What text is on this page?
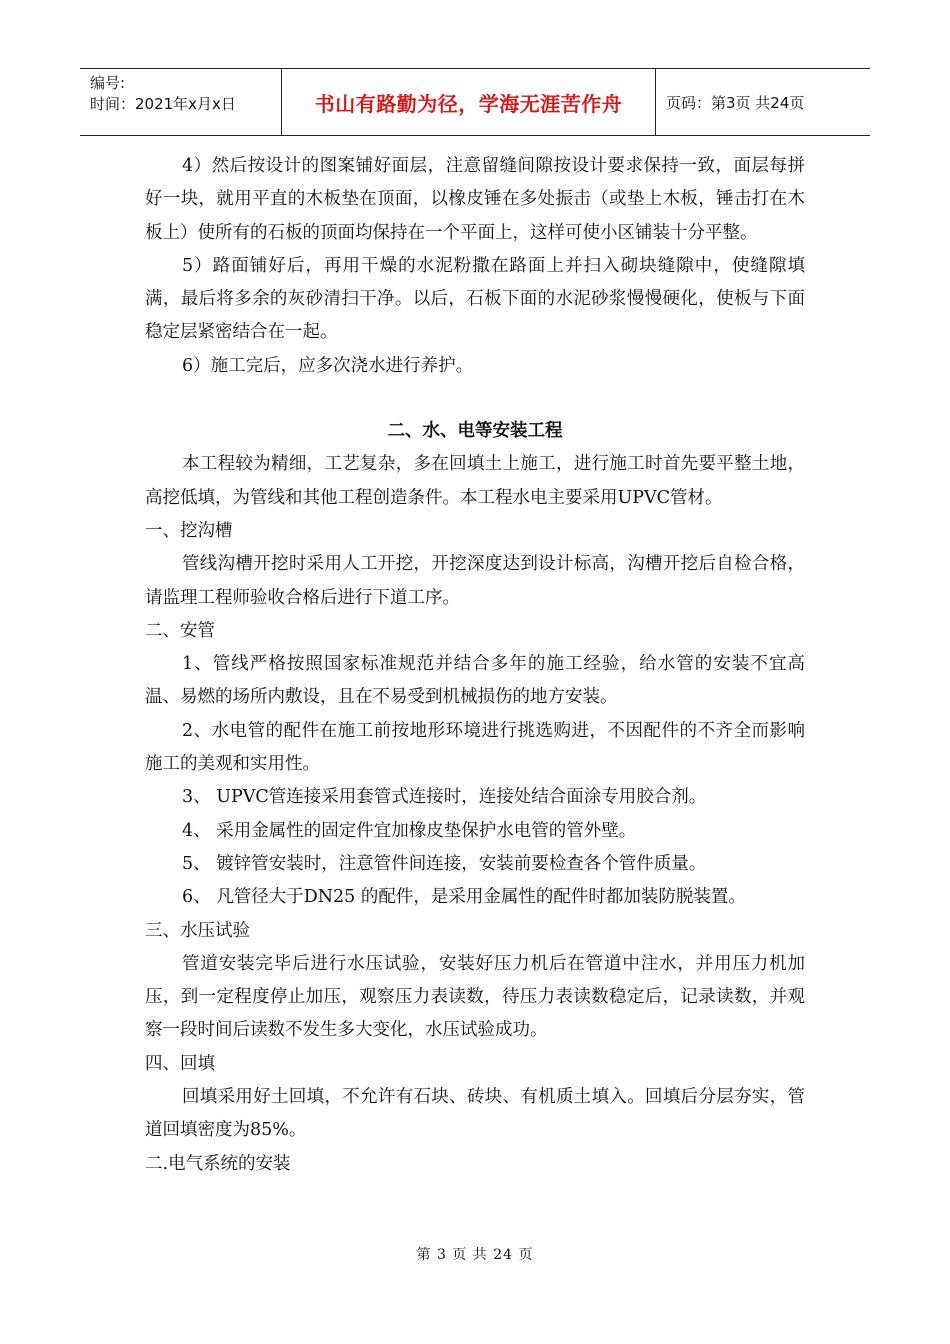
编号:
时间：2021年x月x日	书山有路勤为径，学海无涯苦作舟	页码：第3页 共24页

4）然后按设计的图案铺好面层，注意留缝间隙按设计要求保持一致，面层每拼好一块，就用平直的木板垫在顶面，以橡皮锤在多处振击（或垫上木板，锤击打在木板上）使所有的石板的顶面均保持在一个平面上，这样可使小区铺装十分平整。

5）路面铺好后，再用干燥的水泥粉撒在路面上并扫入砌块缝隙中，使缝隙填满，最后将多余的灰砂清扫干净。以后，石板下面的水泥砂浆慢慢硬化，使板与下面稳定层紧密结合在一起。

6）施工完后，应多次浇水进行养护。

二、水、电等安装工程

本工程较为精细，工艺复杂，多在回填土上施工，进行施工时首先要平整土地，高挖低填，为管线和其他工程创造条件。本工程水电主要采用UPVC管材。

一、挖沟槽

管线沟槽开挖时采用人工开挖，开挖深度达到设计标高，沟槽开挖后自检合格，请监理工程师验收合格后进行下道工序。

二、安管

1、管线严格按照国家标准规范并结合多年的施工经验，给水管的安装不宜高温、易燃的场所内敷设，且在不易受到机械损伤的地方安装。

2、水电管的配件在施工前按地形环境进行挑选购进，不因配件的不齐全而影响施工的美观和实用性。

3、 UPVC管连接采用套管式连接时，连接处结合面涂专用胶合剂。

4、 采用金属性的固定件宜加橡皮垫保护水电管的管外壁。

5、 镀锌管安装时，注意管件间连接，安装前要检查各个管件质量。

6、 凡管径大于DN25 的配件，是采用金属性的配件时都加装防脱装置。

三、水压试验

管道安装完毕后进行水压试验，安装好压力机后在管道中注水，并用压力机加压，到一定程度停止加压，观察压力表读数，待压力表读数稳定后，记录读数，并观察一段时间后读数不发生多大变化，水压试验成功。

四、回填

回填采用好土回填，不允许有石块、砖块、有机质土填入。回填后分层夯实，管道回填密度为85%。

二.电气系统的安装

第 3 页 共 24 页
